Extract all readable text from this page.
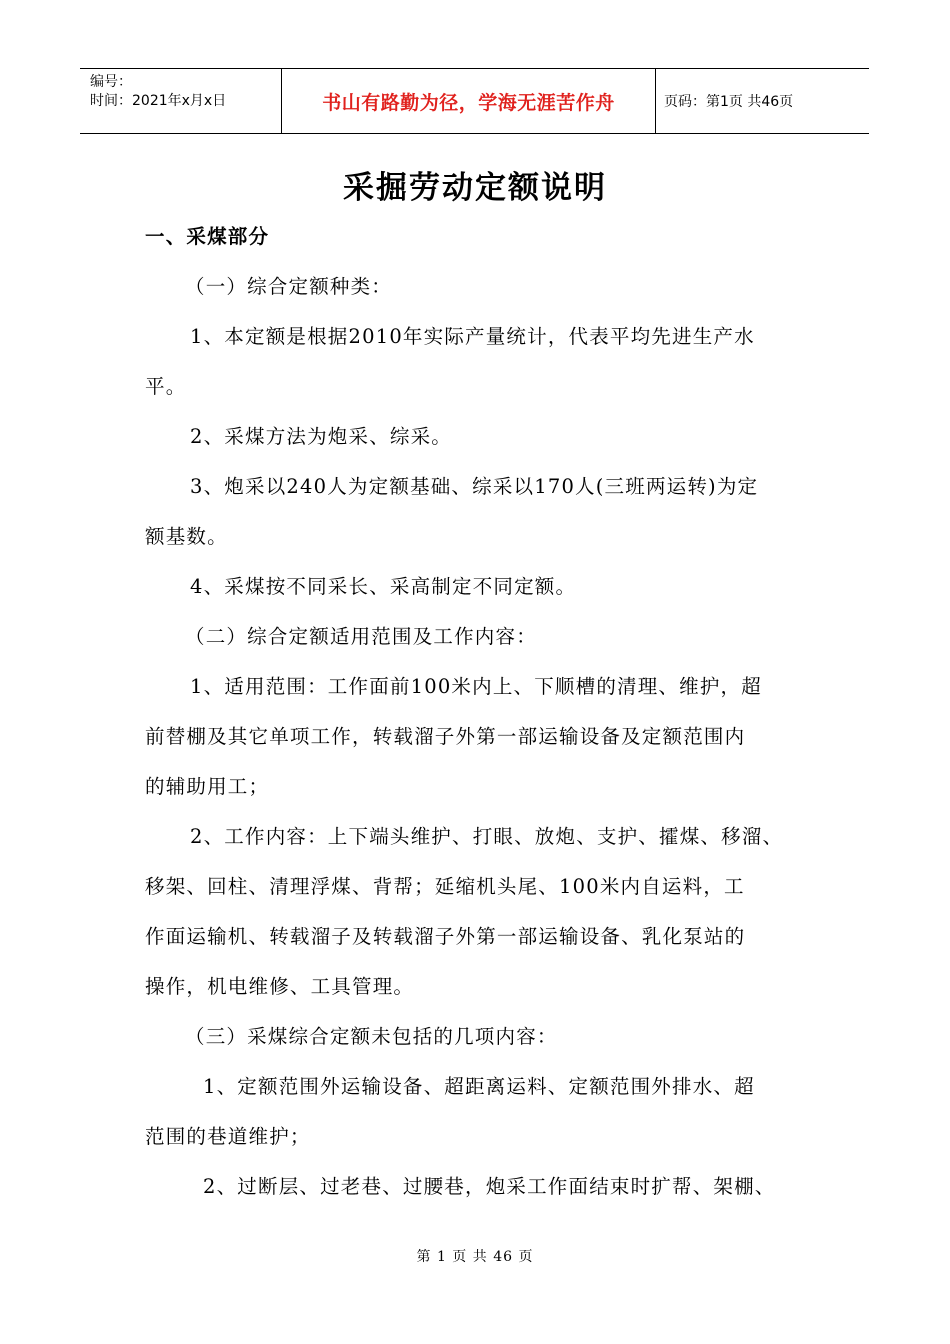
编号：
时间：2021年x月x日	书山有路勤为径，学海无涯苦作舟	页码：第1页 共46页
采掘劳动定额说明
一、采煤部分
（一）综合定额种类：
1、本定额是根据2010年实际产量统计，代表平均先进生产水
平。
2、采煤方法为炮采、综采。
3、炮采以240人为定额基础、综采以170人(三班两运转)为定
额基数。
4、采煤按不同采长、采高制定不同定额。
（二）综合定额适用范围及工作内容：
1、适用范围：工作面前100米内上、下顺槽的清理、维护，超
前替棚及其它单项工作，转载溜子外第一部运输设备及定额范围内
的辅助用工；
2、工作内容：上下端头维护、打眼、放炮、支护、攉煤、移溜、
移架、回柱、清理浮煤、背帮；延缩机头尾、100米内自运料，工
作面运输机、转载溜子及转载溜子外第一部运输设备、乳化泵站的
操作，机电维修、工具管理。
（三）采煤综合定额未包括的几项内容：
1、定额范围外运输设备、超距离运料、定额范围外排水、超
范围的巷道维护；
2、过断层、过老巷、过腰巷，炮采工作面结束时扩帮、架棚、
第 1 页 共 46 页
